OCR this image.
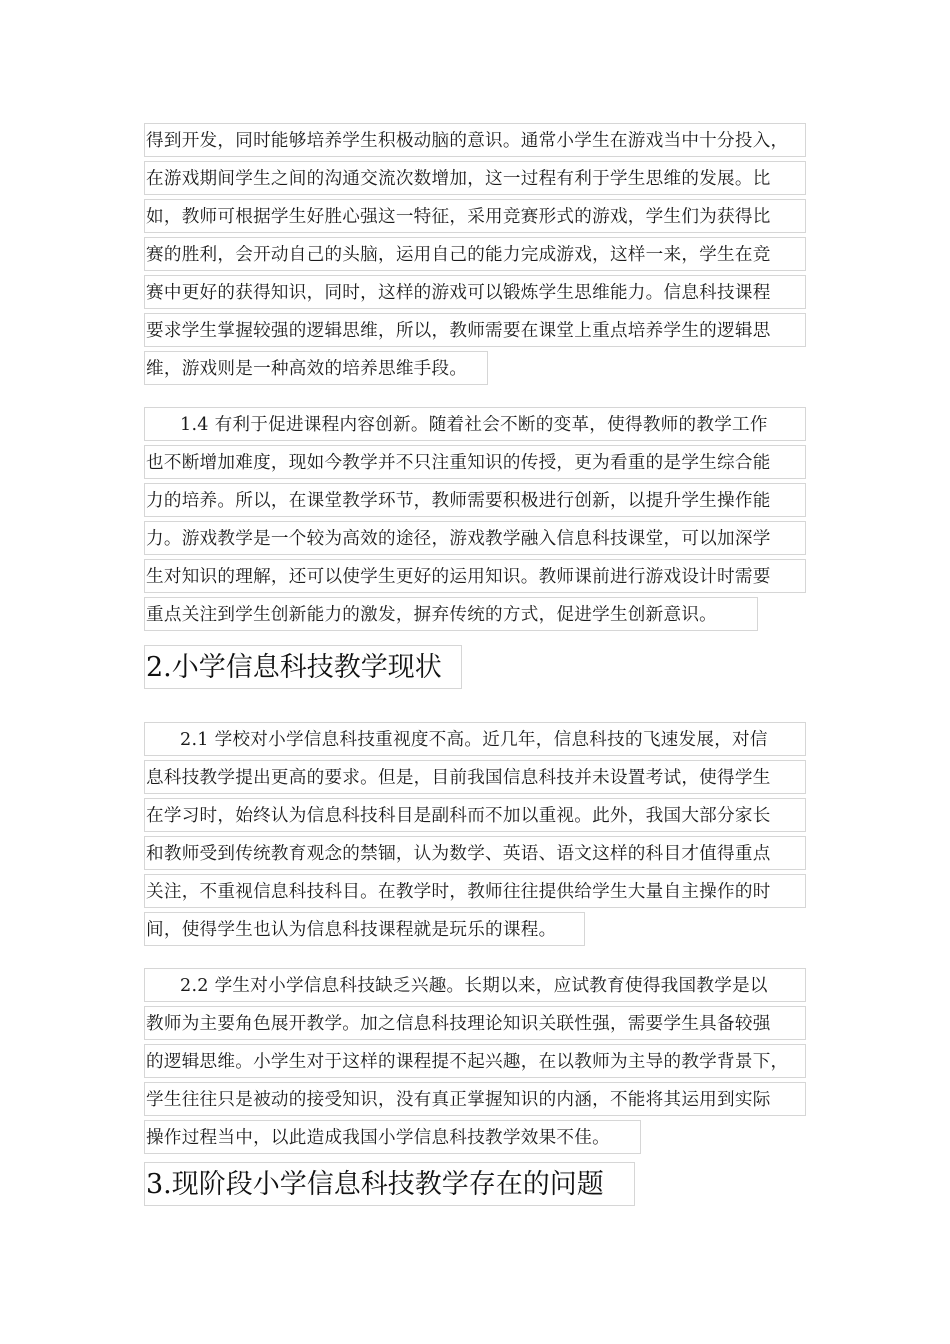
得到开发，同时能够培养学生积极动脑的意识。通常小学生在游戏当中十分投入，
在游戏期间学生之间的沟通交流次数增加，这一过程有利于学生思维的发展。比
如，教师可根据学生好胜心强这一特征，采用竞赛形式的游戏，学生们为获得比
赛的胜利，会开动自己的头脑，运用自己的能力完成游戏，这样一来，学生在竞
赛中更好的获得知识，同时，这样的游戏可以锻炼学生思维能力。信息科技课程
要求学生掌握较强的逻辑思维，所以，教师需要在课堂上重点培养学生的逻辑思
维，游戏则是一种高效的培养思维手段。
1.4 有利于促进课程内容创新。随着社会不断的变革，使得教师的教学工作
也不断增加难度，现如今教学并不只注重知识的传授，更为看重的是学生综合能
力的培养。所以，在课堂教学环节，教师需要积极进行创新，以提升学生操作能
力。游戏教学是一个较为高效的途径，游戏教学融入信息科技课堂，可以加深学
生对知识的理解，还可以使学生更好的运用知识。教师课前进行游戏设计时需要
重点关注到学生创新能力的激发，摒弃传统的方式，促进学生创新意识。
2.小学信息科技教学现状
2.1 学校对小学信息科技重视度不高。近几年，信息科技的飞速发展，对信
息科技教学提出更高的要求。但是，目前我国信息科技并未设置考试，使得学生
在学习时，始终认为信息科技科目是副科而不加以重视。此外，我国大部分家长
和教师受到传统教育观念的禁锢，认为数学、英语、语文这样的科目才值得重点
关注，不重视信息科技科目。在教学时，教师往往提供给学生大量自主操作的时
间，使得学生也认为信息科技课程就是玩乐的课程。
2.2 学生对小学信息科技缺乏兴趣。长期以来，应试教育使得我国教学是以
教师为主要角色展开教学。加之信息科技理论知识关联性强，需要学生具备较强
的逻辑思维。小学生对于这样的课程提不起兴趣，在以教师为主导的教学背景下，
学生往往只是被动的接受知识，没有真正掌握知识的内涵，不能将其运用到实际
操作过程当中，以此造成我国小学信息科技教学效果不佳。
3.现阶段小学信息科技教学存在的问题
